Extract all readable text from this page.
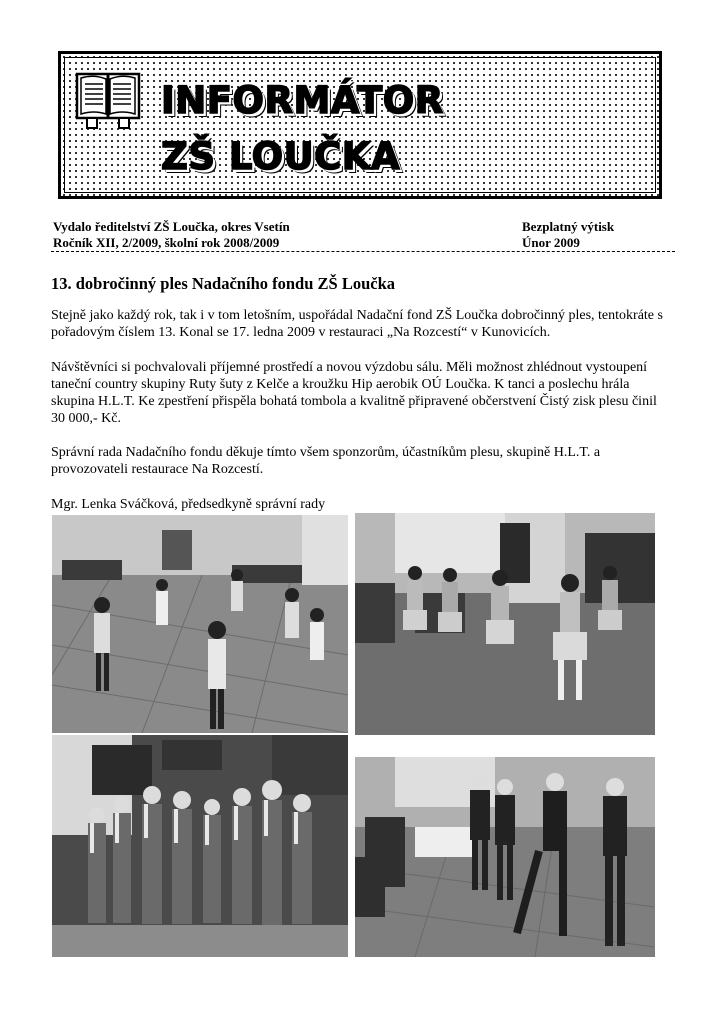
INFORMÁTOR
ZŠ LOUČKA
Vydalo ředitelství ZŠ Loučka, okres Vsetín
Ročník XII, 2/2009, školní rok 2008/2009
Bezplatný výtisk
Únor 2009
13. dobročinný ples Nadačního fondu ZŠ Loučka

Stejně jako každý rok, tak i v tom letošním, uspořádal Nadační fond ZŠ Loučka dobročinný ples, tentokráte s pořadovým číslem 13. Konal se 17. ledna 2009 v restauraci „Na Rozcestí“ v Kunovicích.

Návštěvníci si pochvalovali příjemné prostředí a novou výzdobu sálu. Měli možnost zhlédnout vystoupení taneční country skupiny Ruty šuty z Kelče a kroužku Hip aerobik OÚ Loučka. K tanci a poslechu hrála skupina H.L.T. Ke zpestření přispěla bohatá tombola a kvalitně připravené občerstvení Čistý zisk plesu činil 30 000,- Kč.

Správní rada Nadačního fondu děkuje tímto všem sponzorům, účastníkům plesu, skupině H.L.T. a provozovateli restaurace Na Rozcestí.

Mgr. Lenka Sváčková, předsedkyně správní rady
